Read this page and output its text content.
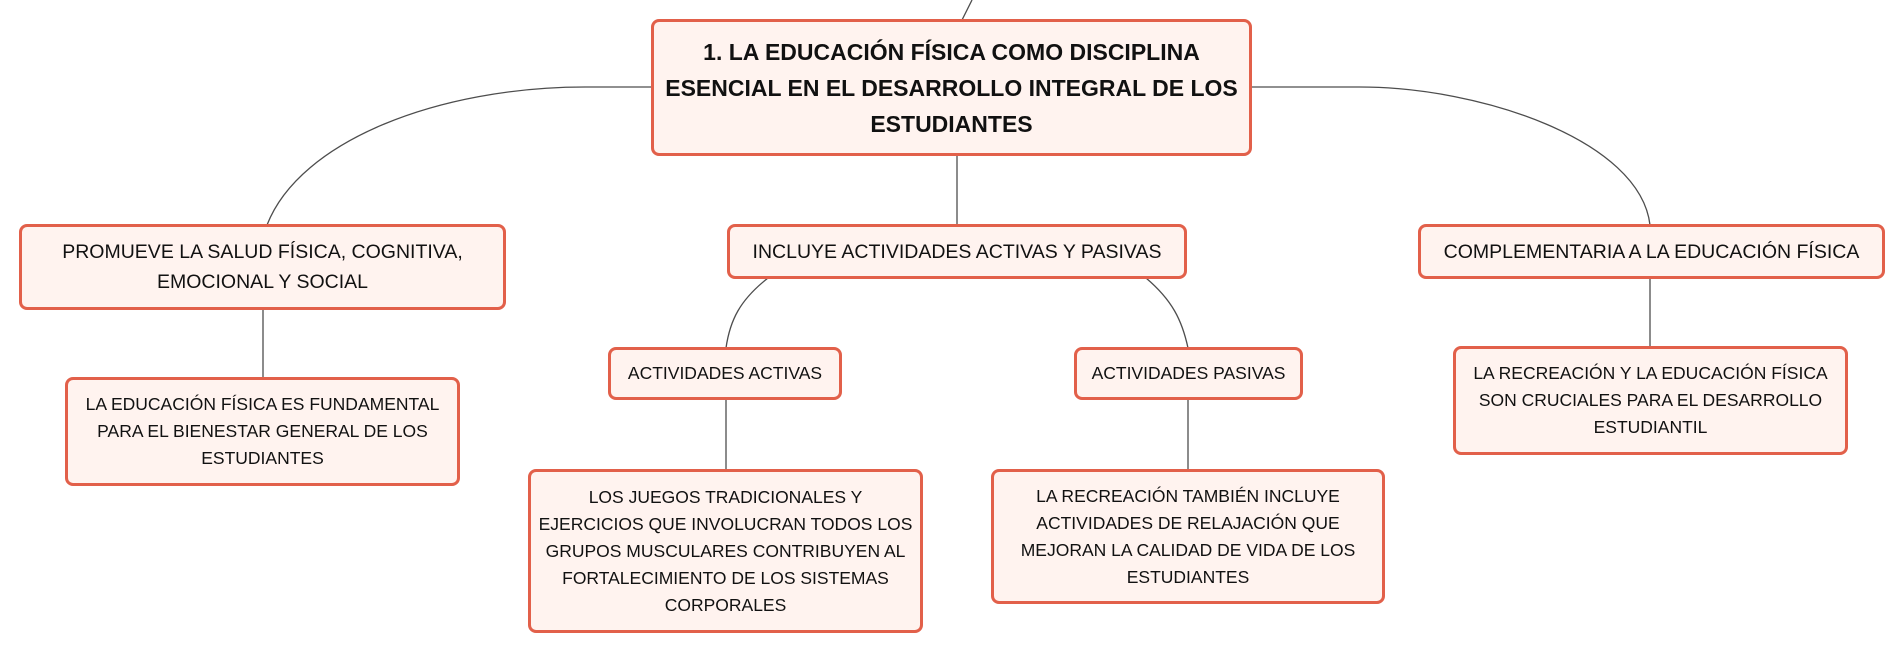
1. LA EDUCACIÓN FÍSICA COMO DISCIPLINA ESENCIAL EN EL DESARROLLO INTEGRAL DE LOS ESTUDIANTES
PROMUEVE LA SALUD FÍSICA, COGNITIVA, EMOCIONAL Y SOCIAL
INCLUYE ACTIVIDADES ACTIVAS Y PASIVAS	COMPLEMENTARIA A LA EDUCACIÓN FÍSICA
LA EDUCACIÓN FÍSICA ES FUNDAMENTAL PARA EL BIENESTAR GENERAL DE LOS ESTUDIANTES
ACTIVIDADES ACTIVAS	ACTIVIDADES PASIVAS
LOS JUEGOS TRADICIONALES Y EJERCICIOS QUE INVOLUCRAN TODOS LOS GRUPOS MUSCULARES CONTRIBUYEN AL FORTALECIMIENTO DE LOS SISTEMAS CORPORALES
LA RECREACIÓN TAMBIÉN INCLUYE ACTIVIDADES DE RELAJACIÓN QUE MEJORAN LA CALIDAD DE VIDA DE LOS ESTUDIANTES
LA RECREACIÓN Y LA EDUCACIÓN FÍSICA SON CRUCIALES PARA EL DESARROLLO ESTUDIANTIL
